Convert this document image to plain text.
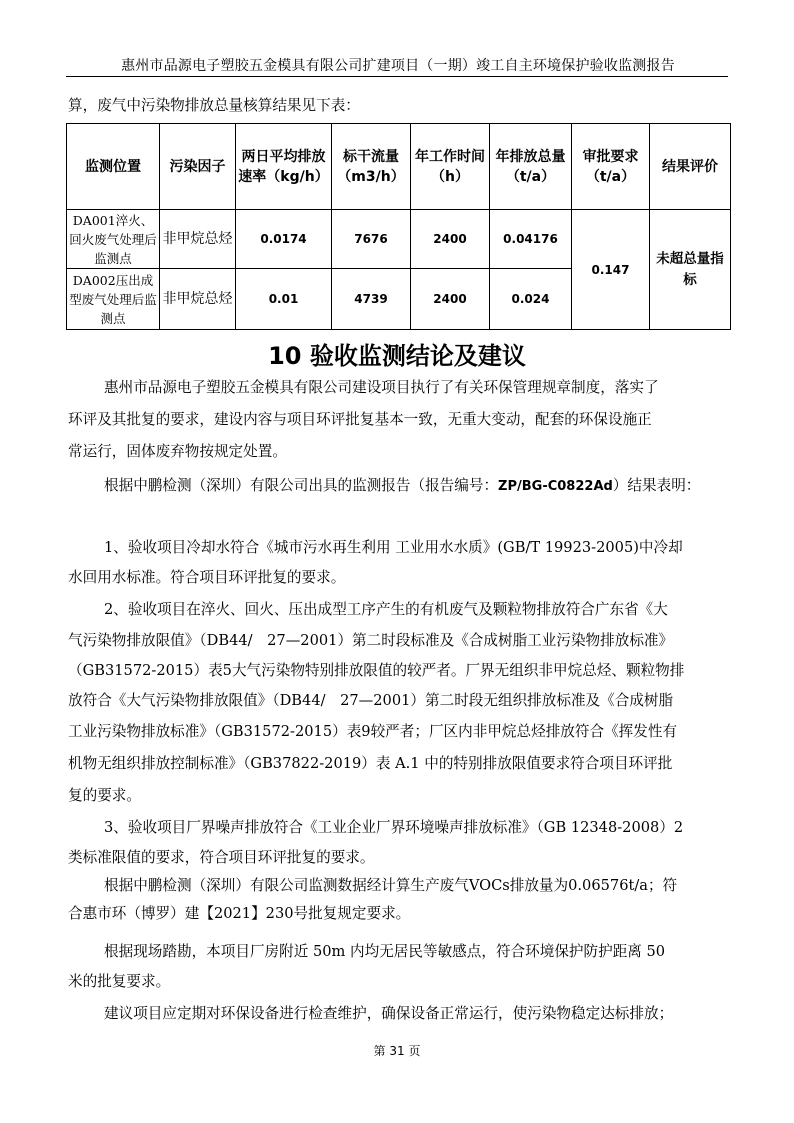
惠州市品源电子塑胶五金模具有限公司扩建项目（一期）竣工自主环境保护验收监测报告
算，废气中污染物排放总量核算结果见下表：
监测位置	污染因子	两日平均排放速率（kg/h）	标干流量（m3/h）	年工作时间（h）	年排放总量（t/a）	审批要求（t/a）	结果评价
DA001淬火、回火废气处理后监测点	非甲烷总烃	0.0174	7676	2400	0.04176	0.147	未超总量指标
DA002压出成型废气处理后监测点	非甲烷总烃	0.01	4739	2400	0.024		
10 验收监测结论及建议
惠州市品源电子塑胶五金模具有限公司建设项目执行了有关环保管理规章制度，落实了
环评及其批复的要求，建设内容与项目环评批复基本一致，无重大变动，配套的环保设施正
常运行，固体废弃物按规定处置。
根据中鹏检测（深圳）有限公司出具的监测报告（报告编号：ZP/BG-C0822Ad）结果表明：
1、验收项目冷却水符合《城市污水再生利用 工业用水水质》(GB/T 19923-2005)中冷却
水回用水标准。符合项目环评批复的要求。
2、验收项目在淬火、回火、压出成型工序产生的有机废气及颗粒物排放符合广东省《大
气污染物排放限值》（DB44/　27—2001）第二时段标准及《合成树脂工业污染物排放标准》
（GB31572-2015）表5大气污染物特别排放限值的较严者。厂界无组织非甲烷总烃、颗粒物排
放符合《大气污染物排放限值》（DB44/　27—2001）第二时段无组织排放标准及《合成树脂
工业污染物排放标准》（GB31572-2015）表9较严者；厂区内非甲烷总烃排放符合《挥发性有
机物无组织排放控制标准》（GB37822-2019）表 A.1 中的特别排放限值要求符合项目环评批
复的要求。
3、验收项目厂界噪声排放符合《工业企业厂界环境噪声排放标准》（GB 12348-2008）2
类标准限值的要求，符合项目环评批复的要求。
根据中鹏检测（深圳）有限公司监测数据经计算生产废气VOCs排放量为0.06576t/a；符
合惠市环（博罗）建【2021】230号批复规定要求。
根据现场踏勘，本项目厂房附近 50m 内均无居民等敏感点，符合环境保护防护距离 50
米的批复要求。
建议项目应定期对环保设备进行检查维护，确保设备正常运行，使污染物稳定达标排放；
第 31 页
